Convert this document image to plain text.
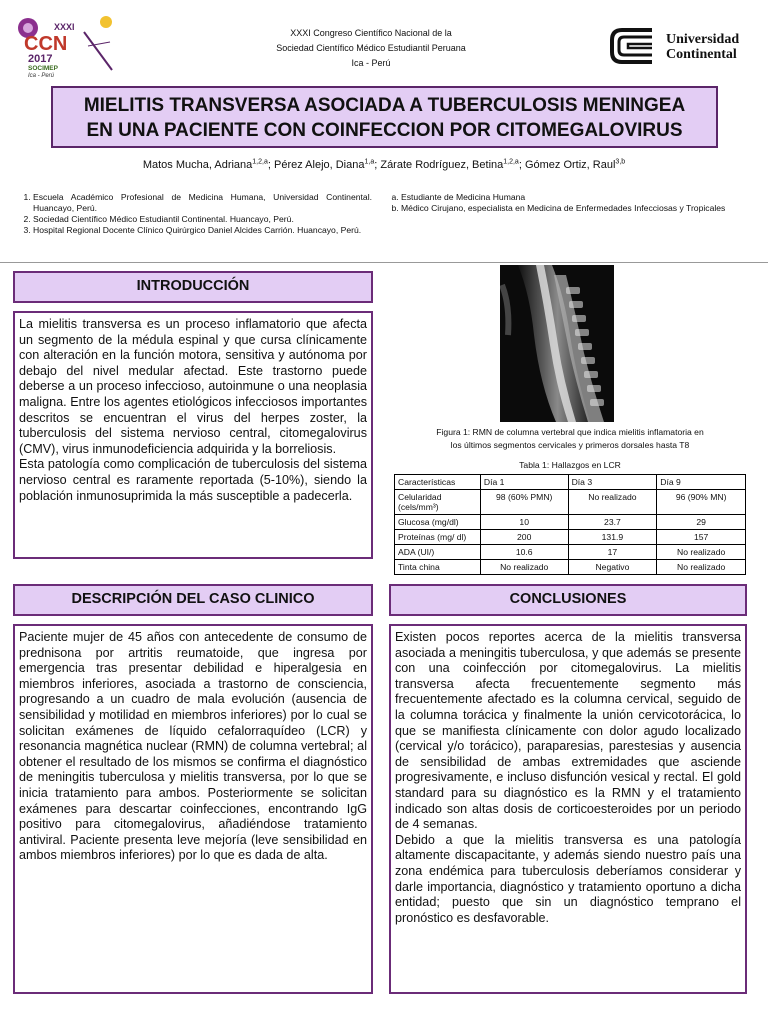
XXXI
CCN
2017
SOCIMEP
Ica - Perú
XXXI Congreso Científico Nacional de la
Sociedad Científico Médico Estudiantil Peruana
Ica - Perú
Universidad
Continental
MIELITIS TRANSVERSA ASOCIADA A TUBERCULOSIS MENINGEA
EN UNA PACIENTE CON COINFECCION POR CITOMEGALOVIRUS
Matos Mucha, Adriana$^{1,2,a}$; Pérez Alejo, Diana$^{1,a}$; Zárate Rodríguez, Betina$^{1,2,a}$; Gómez Ortiz, Raul$^{3,b}$
1. Escuela Académico Profesional de Medicina Humana, Universidad Continental. Huancayo, Perú.
2. Sociedad Científico Médico Estudiantil Continental. Huancayo, Perú.
3. Hospital Regional Docente Clínico Quirúrgico Daniel Alcides Carrión. Huancayo, Perú.
a. Estudiante de Medicina Humana
b. Médico Cirujano, especialista en Medicina de Enfermedades Infecciosas y Tropicales
INTRODUCCIÓN

La mielitis transversa es un proceso inflamatorio que afecta un segmento de la médula espinal y que cursa clínicamente con alteración en la función motora, sensitiva y autónoma por debajo del nivel medular afectad. Este trastorno puede deberse a un proceso infeccioso, autoinmune o una neoplasia maligna. Entre los agentes etiológicos infecciosos importantes descritos se encuentran el virus del herpes zoster, la tuberculosis del sistema nervioso central, citomegalovirus (CMV), virus inmunodeficiencia adquirida y la borreliosis.

Esta patología como complicación de tuberculosis del sistema nervioso central es raramente reportada (5-10%), siendo la población inmunosuprimida la más susceptible a padecerla.

Figura 1: RMN de columna vertebral que indica mielitis inflamatoria en
los últimos segmentos cervicales y primeros dorsales hasta T8
Tabla 1: Hallazgos en LCR
Características	Día 1	Día 3	Día 9
Celularidad (cels/mm³)	98 (60% PMN)	No realizado	96 (90% MN)
Glucosa (mg/dl)	10	23.7	29
Proteínas (mg/ dl)	200	131.9	157
ADA (UI/)	10.6	17	No realizado
Tinta china	No realizado	Negativo	No realizado
DESCRIPCIÓN DEL CASO CLINICO

Paciente mujer de 45 años con antecedente de consumo de prednisona por artritis reumatoide, que ingresa por emergencia tras presentar debilidad e hiperalgesia en miembros inferiores, asociada a trastorno de consciencia, progresando a un cuadro de mala evolución (ausencia de sensibilidad y motilidad en miembros inferiores) por lo cual se solicitan exámenes de líquido cefalorraquídeo (LCR) y resonancia magnética nuclear (RMN) de columna vertebral; al obtener el resultado de los mismos se confirma el diagnóstico de meningitis tuberculosa y mielitis transversa, por lo que se inicia tratamiento para ambos. Posteriormente se solicitan exámenes para descartar coinfecciones, encontrando IgG positivo para citomegalovirus, añadiéndose tratamiento antiviral. Paciente presenta leve mejoría (leve sensibilidad en ambos miembros inferiores) por lo que es dada de alta.

CONCLUSIONES

Existen pocos reportes acerca de la mielitis transversa asociada a meningitis tuberculosa, y que además se presente con una coinfección por citomegalovirus. La mielitis transversa afecta frecuentemente segmento más frecuentemente afectado es la columna cervical, seguido de la columna torácica y finalmente la unión cervicotorácica, lo que se manifiesta clínicamente con dolor agudo localizado (cervical y/o torácico), paraparesias, parestesias y ausencia de sensibilidad de ambas extremidades que asciende progresivamente, e incluso disfunción vesical y rectal. El gold standard para su diagnóstico es la RMN y el tratamiento indicado son altas dosis de corticoesteroides por un periodo de 4 semanas.

Debido a que la mielitis transversa es una patología altamente discapacitante, y además siendo nuestro país una zona endémica para tuberculosis deberíamos considerar y darle importancia, diagnóstico y tratamiento oportuno a dicha entidad; puesto que sin un diagnóstico temprano el pronóstico es desfavorable.
